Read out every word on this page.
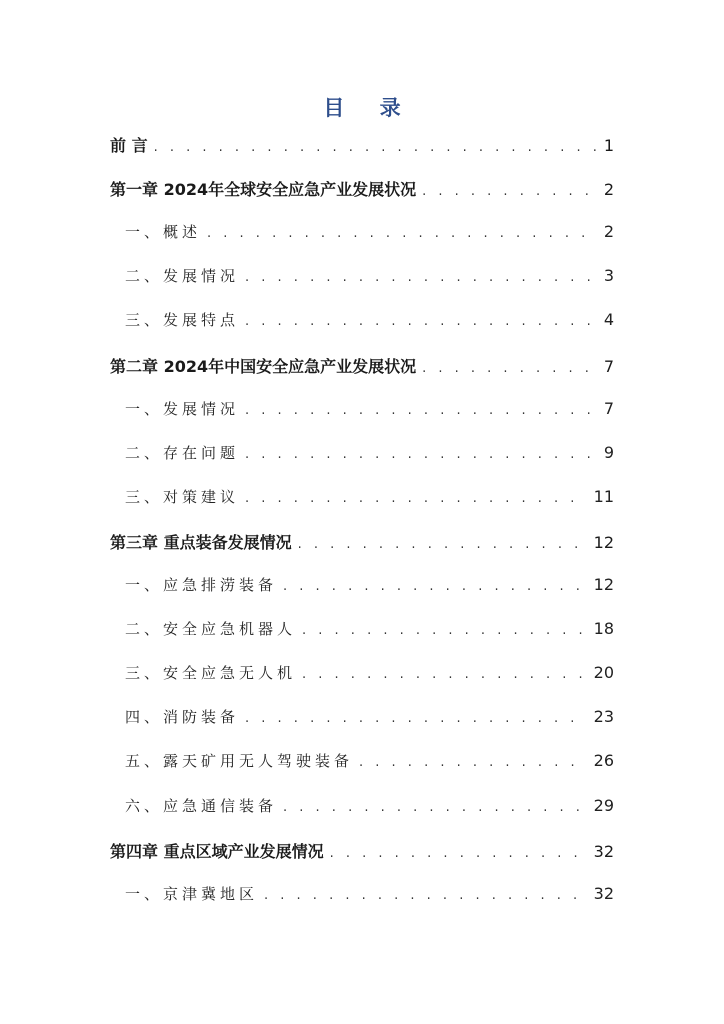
目 录
前 言 . . .	1
第一章 2024年全球安全应急产业发展状况 . . .	2
一、概述 . . .	2
二、发展情况 . . .	3
三、发展特点 . . .	4
第二章 2024年中国安全应急产业发展状况 . . .	7
一、发展情况 . . .	7
二、存在问题 . . .	9
三、对策建议 . . .	11
第三章 重点装备发展情况 . . .	12
一、应急排涝装备 . . .	12
二、安全应急机器人 . . .	18
三、安全应急无人机 . . .	20
四、消防装备 . . .	23
五、露天矿用无人驾驶装备 . . .	26
六、应急通信装备 . . .	29
第四章 重点区域产业发展情况 . . .	32
一、京津冀地区 . . .	32
